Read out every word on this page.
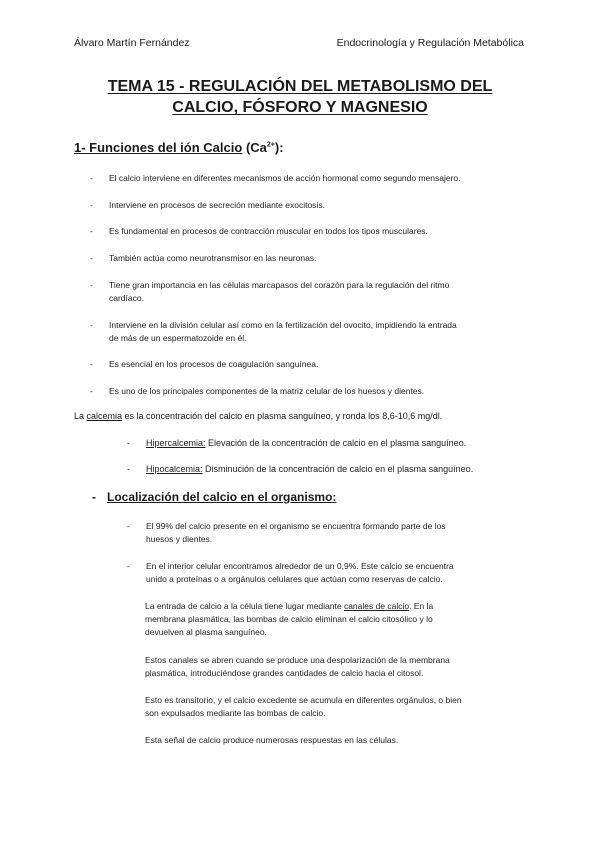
Álvaro Martín Fernández	Endocrinología y Regulación Metabólica
TEMA 15 - REGULACIÓN DEL METABOLISMO DEL
CALCIO, FÓSFORO Y MAGNESIO
1- Funciones del ión Calcio $(Ca^{2+})$:
- El calcio interviene en diferentes mecanismos de acción hormonal como segundo mensajero.
- Interviene en procesos de secreción mediante exocitosis.
- Es fundamental en procesos de contracción muscular en todos los tipos musculares.
- También actúa como neurotransmisor en las neuronas.
- Tiene gran importancia en las células marcapasos del corazón para la regulación del ritmo
cardíaco.
- Interviene en la división celular así como en la fertilización del ovocito, impidiendo la entrada
de más de un espermatozoide en él.
- Es esencial en los procesos de coagulación sanguínea.
- Es uno de los principales componentes de la matriz celular de los huesos y dientes.
La calcemia es la concentración del calcio en plasma sanguíneo, y ronda los 8,6-10,6 mg/dl.
- Hipercalcemia: Elevación de la concentración de calcio en el plasma sanguíneo.
- Hipocalcemia: Disminución de la concentración de calcio en el plasma sanguíneo.
- Localización del calcio en el organismo:
- El 99% del calcio presente en el organismo se encuentra formando parte de los
huesos y dientes.
- En el interior celular encontramos alrededor de un 0,9%. Este calcio se encuentra
unido a proteínas o a orgánulos celulares que actúan como reservas de calcio.
La entrada de calcio a la célula tiene lugar mediante canales de calcio. En la
membrana plasmática, las bombas de calcio eliminan el calcio citosólico y lo
devuelven al plasma sanguíneo.
Estos canales se abren cuando se produce una despolarización de la membrana
plasmática, introduciéndose grandes cantidades de calcio hacia el citosol.
Esto es transitorio, y el calcio excedente se acumula en diferentes orgánulos, o bien
son expulsados mediante las bombas de calcio.
Esta señal de calcio produce numerosas respuestas en las células.
